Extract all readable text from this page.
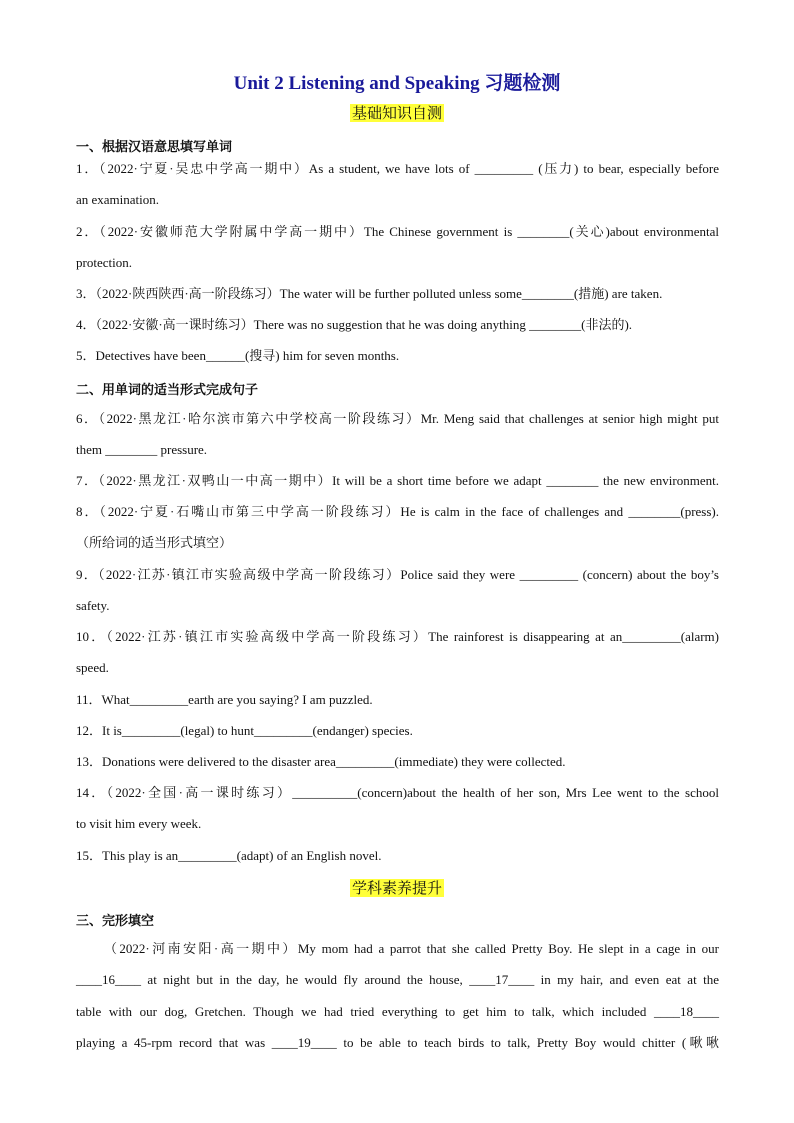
Unit 2 Listening and Speaking 习题检测
基础知识自测
一、根据汉语意思填写单词
1．（2022·宁夏·吴忠中学高一期中）As a student, we have lots of _________ (压力) to bear, especially before
an examination.
2．（2022·安徽师范大学附属中学高一期中）The Chinese government is ________(关心)about environmental
protection.
3．（2022·陕西陕西·高一阶段练习）The water will be further polluted unless some________(措施) are taken.
4．（2022·安徽·高一课时练习）There was no suggestion that he was doing anything ________(非法的).
5．Detectives have been______(搜寻) him for seven months.
二、用单词的适当形式完成句子
6．（2022·黑龙江·哈尔滨市第六中学校高一阶段练习）Mr. Meng said that challenges at senior high might put
them ________ pressure.
7．（2022·黑龙江·双鸭山一中高一期中）It will be a short time before we adapt ________ the new environment.
8．（2022·宁夏·石嘴山市第三中学高一阶段练习）He is calm in the face of challenges and ________(press).
（所给词的适当形式填空）
9．（2022·江苏·镇江市实验高级中学高一阶段练习）Police said they were _________ (concern) about the boy’s
safety.
10．（2022·江苏·镇江市实验高级中学高一阶段练习）The rainforest is disappearing at an_________(alarm)
speed.
11．What_________earth are you saying? I am puzzled.
12．It is_________(legal) to hunt_________(endanger) species.
13．Donations were delivered to the disaster area_________(immediate) they were collected.
14．（2022·全国·高一课时练习）__________(concern)about the health of her son, Mrs Lee went to the school
to visit him every week.
15．This play is an_________(adapt) of an English novel.
学科素养提升
三、完形填空
（2022·河南安阳·高一期中）My mom had a parrot that she called Pretty Boy. He slept in a cage in our
____16____ at night but in the day, he would fly around the house, ____17____ in my hair, and even eat at the
table with our dog, Gretchen. Though we had tried everything to get him to talk, which included ____18____
playing a 45-rpm record that was ____19____ to be able to teach birds to talk, Pretty Boy would chitter (啾啾
